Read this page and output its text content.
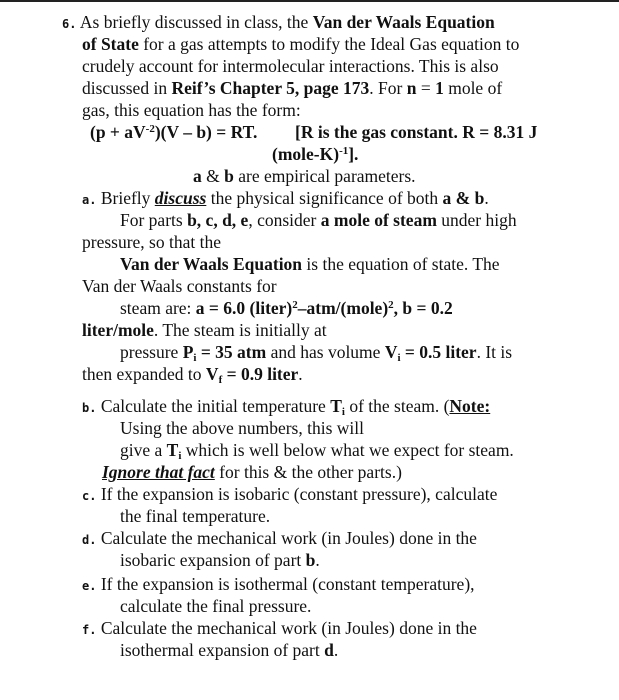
6. As briefly discussed in class, the Van der Waals Equation
of State for a gas attempts to modify the Ideal Gas equation to
crudely account for intermolecular interactions. This is also
discussed in Reif’s Chapter 5, page 173. For n = 1 mole of
gas, this equation has the form:
$(p + aV^{-2})(V - b)$ = RT. [R is the gas constant. R = 8.31 J
(mole-K)$^{-1}$].
a & b are empirical parameters.
a. Briefly discuss the physical significance of both a & b.
For parts b, c, d, e, consider a mole of steam under high
pressure, so that the
Van der Waals Equation is the equation of state. The
Van der Waals constants for
steam are: a = 6.0 (liter)$^2$–atm/(mole)$^2$, b = 0.2
liter/mole. The steam is initially at
pressure $P_i = 35$ atm and has volume $V_i = 0.5$ liter. It is
then expanded to $V_f = 0.9$ liter.
b. Calculate the initial temperature $T_i$ of the steam. (Note:
Using the above numbers, this will
give a $T_i$ which is well below what we expect for steam.
Ignore that fact for this & the other parts.)
c. If the expansion is isobaric (constant pressure), calculate
the final temperature.
d. Calculate the mechanical work (in Joules) done in the
isobaric expansion of part b.
e. If the expansion is isothermal (constant temperature),
calculate the final pressure.
f. Calculate the mechanical work (in Joules) done in the
isothermal expansion of part d.
